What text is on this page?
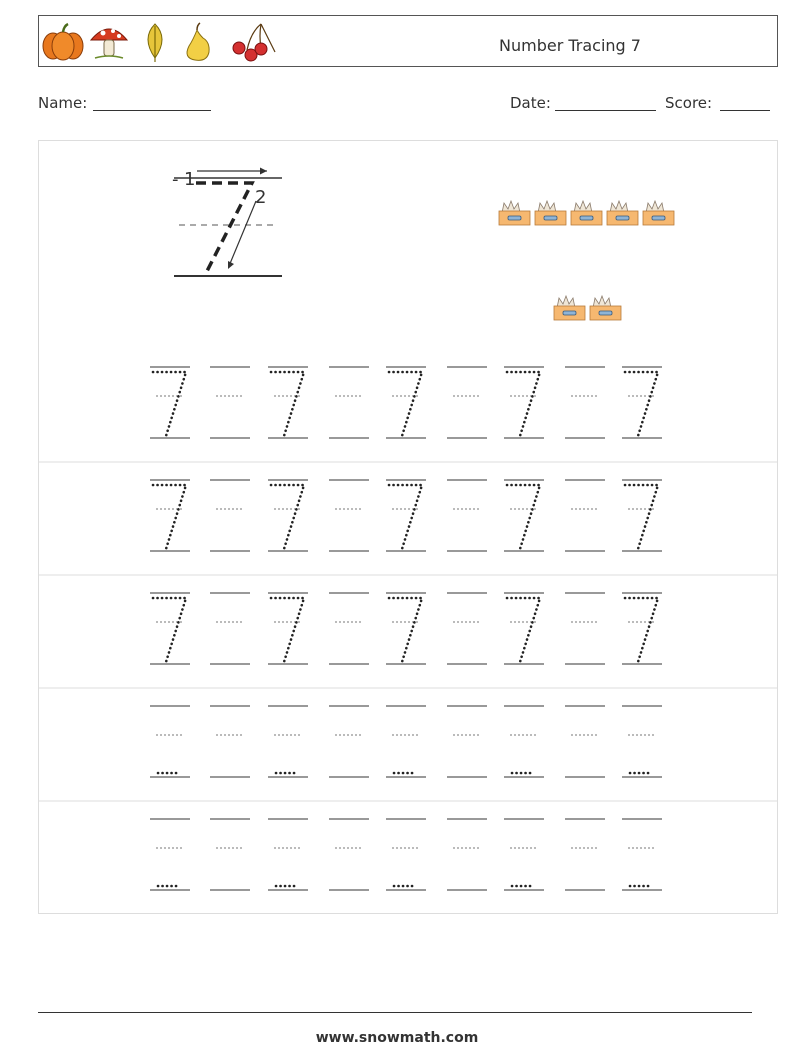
Number Tracing 7
Name:	Date:	Score:
- 1
2
www.snowmath.com
